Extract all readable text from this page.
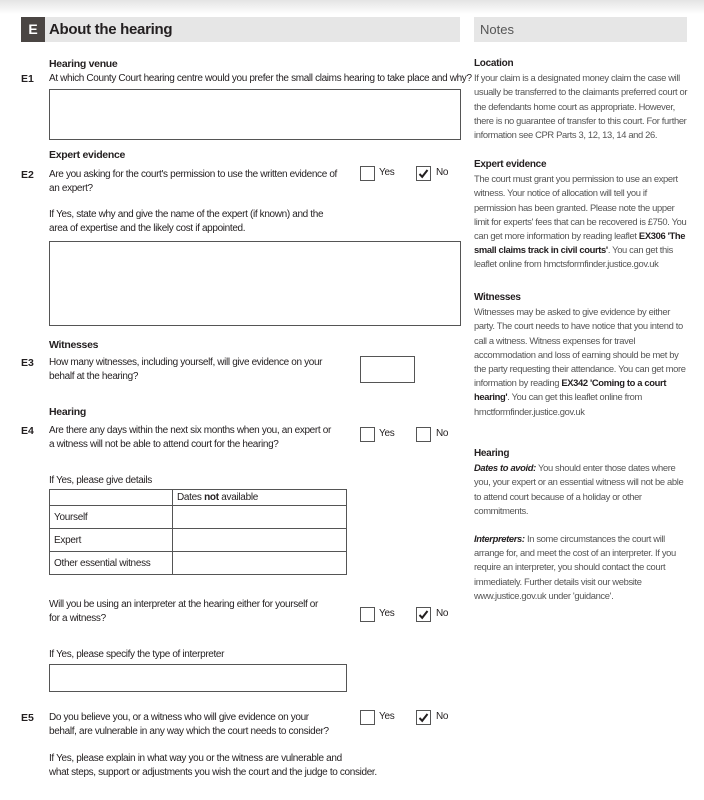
E About the hearing	Notes
Hearing venue
E1 At which County Court hearing centre would you prefer the small claims hearing to take place and why?
Expert evidence
E2 Are you asking for the court's permission to use the written evidence of
an expert?
Yes	No
If Yes, state why and give the name of the expert (if known) and the
area of expertise and the likely cost if appointed.
Witnesses
E3 How many witnesses, including yourself, will give evidence on your
behalf at the hearing?
Hearing
E4 Are there any days within the next six months when you, an expert or
a witness will not be able to attend court for the hearing?
Yes	No
If Yes, please give details
	Dates not available
Yourself	
Expert	
Other essential witness	
Will you be using an interpreter at the hearing either for yourself or
for a witness?	Yes	No
If Yes, please specify the type of interpreter
E5 Do you believe you, or a witness who will give evidence on your
behalf, are vulnerable in any way which the court needs to consider?
Yes	No
If Yes, please explain in what way you or the witness are vulnerable and
what steps, support or adjustments you wish the court and the judge to consider.
Location
If your claim is a designated money claim the case will usually be transferred to the claimants preferred court or the defendants home court as appropriate. However, there is no guarantee of transfer to this court. For further information see CPR Parts 3, 12, 13, 14 and 26.
Expert evidence
The court must grant you permission to use an expert witness. Your notice of allocation will tell you if permission has been granted. Please note the upper limit for experts' fees that can be recovered is £750. You can get more information by reading leaflet EX306 'The small claims track in civil courts'. You can get this leaflet online from hmctsformfinder.justice.gov.uk
Witnesses
Witnesses may be asked to give evidence by either party. The court needs to have notice that you intend to call a witness. Witness expenses for travel accommodation and loss of earning should be met by the party requesting their attendance. You can get more information by reading EX342 'Coming to a court hearing'. You can get this leaflet online from hmctformfinder.justice.gov.uk
Hearing
Dates to avoid: You should enter those dates where you, your expert or an essential witness will not be able to attend court because of a holiday or other commitments.
Interpreters: In some circumstances the court will arrange for, and meet the cost of an interpreter. If you require an interpreter, you should contact the court immediately. Further details visit our website www.justice.gov.uk under 'guidance'.
